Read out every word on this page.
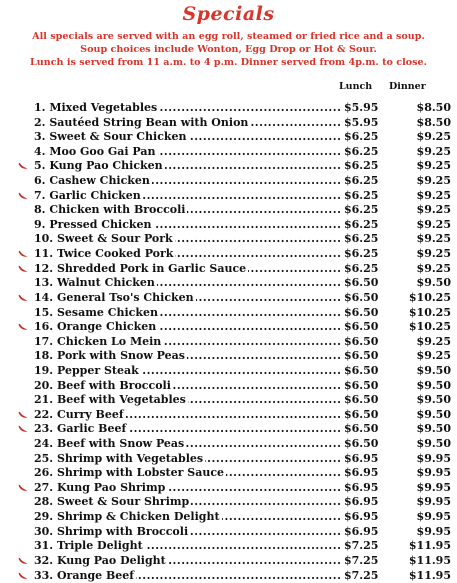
Specials
All specials are served with an egg roll, steamed or fried rice and a soup.
Soup choices include Wonton, Egg Drop or Hot & Sour.
Lunch is served from 11 a.m. to 4 p.m. Dinner served from 4p.m. to close.
Lunch Dinner
1. Mixed Vegetables .....	$5.95	$8.50
2. Sautéed String Bean with Onion .....	$5.95	$8.50
3. Sweet & Sour Chicken .....	$6.25	$9.25
4. Moo Goo Gai Pan .....	$6.25	$9.25
5. Kung Pao Chicken .....	$6.25	$9.25
6. Cashew Chicken .....	$6.25	$9.25
7. Garlic Chicken .....	$6.25	$9.25
8. Chicken with Broccoli .....	$6.25	$9.25
9. Pressed Chicken .....	$6.25	$9.25
10. Sweet & Sour Pork .....	$6.25	$9.25
11. Twice Cooked Pork .....	$6.25	$9.25
12. Shredded Pork in Garlic Sauce .....	$6.25	$9.25
13. Walnut Chicken .....	$6.50	$9.50
14. General Tso's Chicken .....	$6.50	$10.25
15. Sesame Chicken .....	$6.50	$10.25
16. Orange Chicken .....	$6.50	$10.25
17. Chicken Lo Mein .....	$6.50	$9.25
18. Pork with Snow Peas .....	$6.50	$9.25
19. Pepper Steak .....	$6.50	$9.50
20. Beef with Broccoli .....	$6.50	$9.50
21. Beef with Vegetables .....	$6.50	$9.50
22. Curry Beef .....	$6.50	$9.50
23. Garlic Beef .....	$6.50	$9.50
24. Beef with Snow Peas .....	$6.50	$9.50
25. Shrimp with Vegetables .....	$6.95	$9.95
26. Shrimp with Lobster Sauce .....	$6.95	$9.95
27. Kung Pao Shrimp .....	$6.95	$9.95
28. Sweet & Sour Shrimp .....	$6.95	$9.95
29. Shrimp & Chicken Delight .....	$6.95	$9.95
30. Shrimp with Broccoli .....	$6.95	$9.95
31. Triple Delight .....	$7.25	$11.95
32. Kung Pao Delight .....	$7.25	$11.95
33. Orange Beef .....	$7.25	$11.95
